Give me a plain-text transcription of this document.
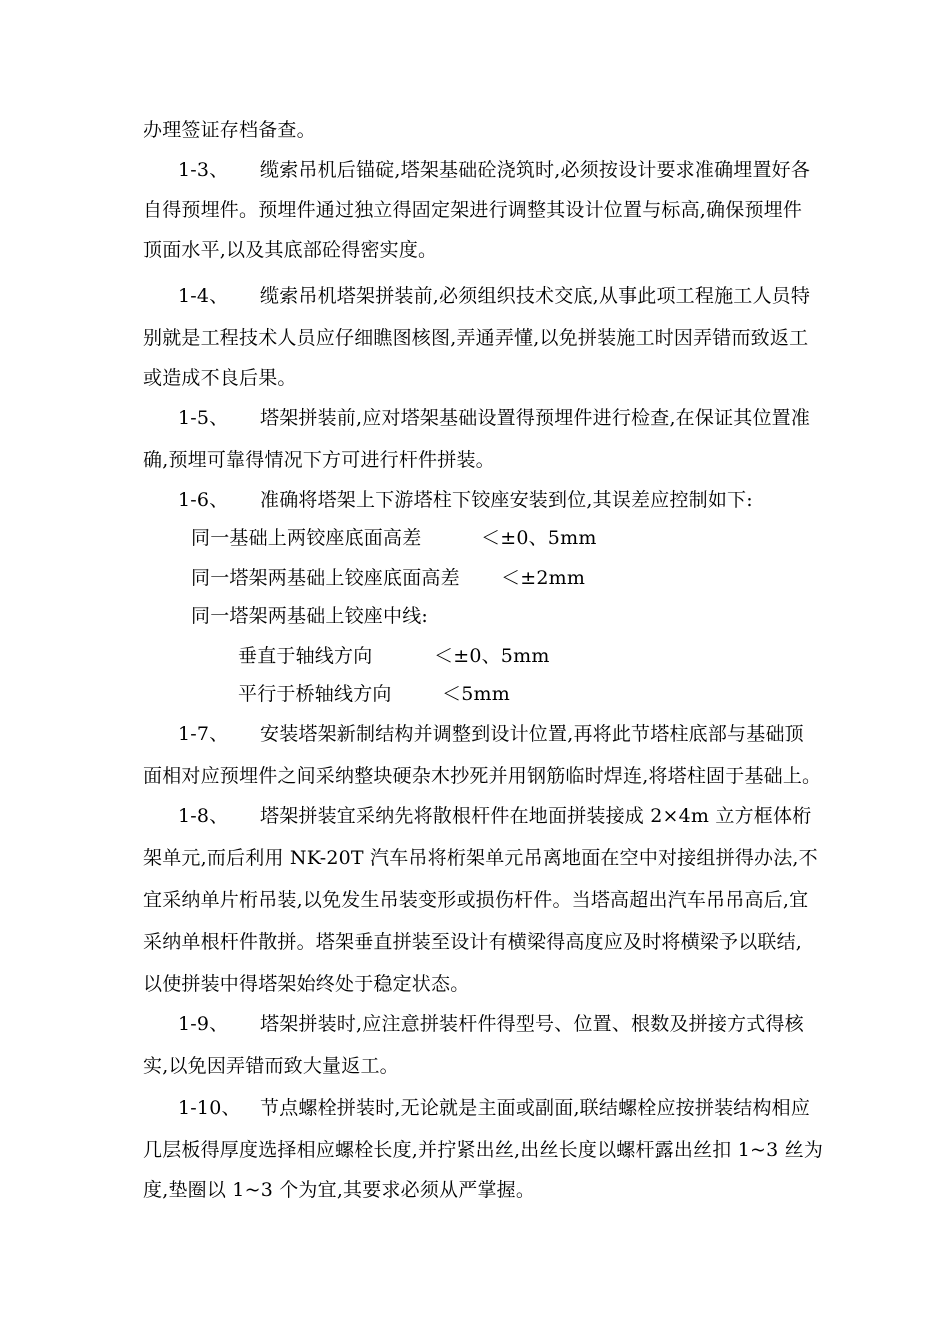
办理签证存档备查。
1-3、 缆索吊机后锚碇,塔架基础砼浇筑时,必须按设计要求准确埋置好各
自得预埋件。预埋件通过独立得固定架进行调整其设计位置与标高,确保预埋件
顶面水平,以及其底部砼得密实度。
1-4、 缆索吊机塔架拼装前,必须组织技术交底,从事此项工程施工人员特
别就是工程技术人员应仔细瞧图核图,弄通弄懂,以免拼装施工时因弄错而致返工
或造成不良后果。
1-5、 塔架拼装前,应对塔架基础设置得预埋件进行检查,在保证其位置准
确,预埋可靠得情况下方可进行杆件拼装。
1-6、 准确将塔架上下游塔柱下铰座安装到位,其误差应控制如下:
同一基础上两铰座底面高差	＜±0、5mm
同一塔架两基础上铰座底面高差 ＜±2mm
同一塔架两基础上铰座中线:
垂直于轴线方向	＜±0、5mm
平行于桥轴线方向	＜5mm
1-7、 安装塔架新制结构并调整到设计位置,再将此节塔柱底部与基础顶
面相对应预埋件之间采纳整块硬杂木抄死并用钢筋临时焊连,将塔柱固于基础上。
1-8、 塔架拼装宜采纳先将散根杆件在地面拼装接成 2×4m 立方框体桁
架单元,而后利用 NK-20T 汽车吊将桁架单元吊离地面在空中对接组拼得办法,不
宜采纳单片桁吊装,以免发生吊装变形或损伤杆件。当塔高超出汽车吊吊高后,宜
采纳单根杆件散拼。塔架垂直拼装至设计有横梁得高度应及时将横梁予以联结,
以使拼装中得塔架始终处于稳定状态。
1-9、 塔架拼装时,应注意拼装杆件得型号、位置、根数及拼接方式得核
实,以免因弄错而致大量返工。
1-10、 节点螺栓拼装时,无论就是主面或副面,联结螺栓应按拼装结构相应
几层板得厚度选择相应螺栓长度,并拧紧出丝,出丝长度以螺杆露出丝扣 1~3 丝为
度,垫圈以 1~3 个为宜,其要求必须从严掌握。
